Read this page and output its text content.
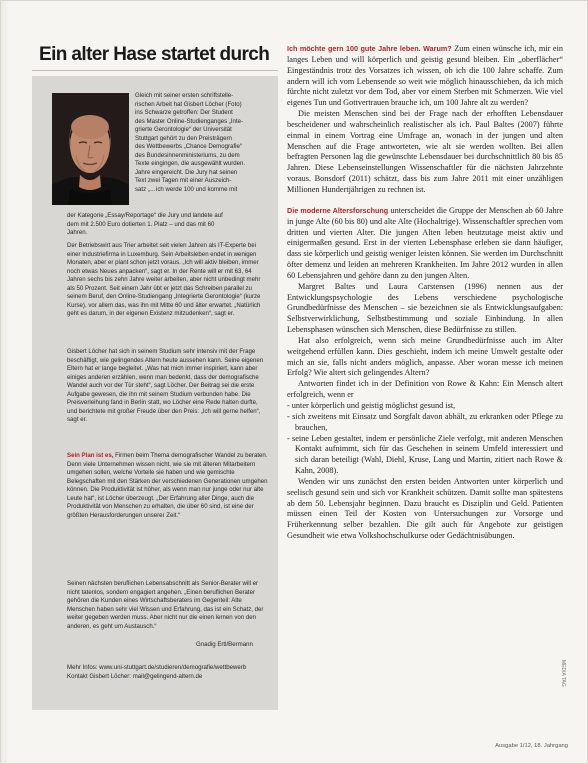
Ein alter Hase startet durch

Gleich mit seiner ersten schriftstelle-

rischen Arbeit hat Gisbert Löcher (Foto)

ins Schwarze getroffen: Der Student

des Master Online-Studienganges „Inte-

grierte Gerontologie“ der Universität

Stuttgart gehört zu den Preisträgern

des Wettbewerbs „Chance Demografie“

des Bundesinnenministeriums, zu dem

Texte eingingen, die ausgewählt wurden.

Jahre eingereicht. Die Jury hat seinen

Text zwei Tagen mit einer Auszeich-

satz „…ich werde 100 und komme mit

der Kategorie „Essay/Reportage“ die Jury und landete auf

dem mit 2.500 Euro dotierten 1. Platz – und das mit 60

Jahren.

Der Betriebswirt aus Trier arbeitet seit vielen Jahren als IT-Experte bei einer Industriefirma in Luxemburg. Sein Arbeitsleben endet in wenigen Monaten, aber er plant schon jetzt voraus. „Ich will aktiv bleiben, immer noch etwas Neues anpacken“, sagt er. In der Rente will er mit 63, 64 Jahren sechs bis zehn Jahre weiter arbeiten, aber nicht unbedingt mehr als 50 Prozent. Seit einem Jahr übt er jetzt das Schreiben parallel zu seinem Beruf, den Online-Studiengang „Integrierte Gerontologie“ (kurze Kurse), vor allem das, was ihn mit Mitte 60 und älter erwartet. „Natürlich geht es darum, in der eigenen Existenz mitzudenken“, sagt er.

Gisbert Löcher hat sich in seinem Studium sehr intensiv mit der Frage beschäftigt, wie gelingendes Altern heute aussehen kann. Seine eigenen Eltern hat er lange begleitet. „Was hat mich immer inspiriert, kann aber einiges anderen erzählen, wenn man bedenkt, dass der demografische Wandel auch vor der Tür steht“, sagt Löcher. Der Beitrag sei die erste Aufgabe gewesen, die ihn mit seinem Studium verbunden habe. Die Preisverleihung fand in Berlin statt, wo Löcher eine Rede halten durfte, und berichtete mit großer Freude über den Preis: „Ich will gerne helfen“, sagt er.

Sein Plan ist es, Firmen beim Thema demografischer Wandel zu beraten. Denn viele Unternehmen wissen nicht, wie sie mit älteren Mitarbeitern umgehen sollen, welche Vorteile sie haben und wie gemischte Belegschaften mit den Stärken der verschiedenen Generationen umgehen können. Die Produktivität ist höher, als wenn man nur junge oder nur alte Leute hat“, ist Löcher überzeugt. „Der Erfahrung aller Dinge, auch die Produktivität von Menschen zu erhalten, die über 60 sind, ist eine der größten Herausforderungen unserer Zeit.“

Seinen nächsten beruflichen Lebensabschnitt als Senior-Berater will er nicht tatenlos, sondern engagiert angehen. „Einen beruflichen Berater gehören die Kunden eines Wirtschaftsberaters im Gegenteil: Alte Menschen haben sehr viel Wissen und Erfahrung, das ist ein Schatz, der weiter gegeben werden muss. Aber nicht nur die einen lernen von den anderen, es geht um Austausch.“

Gnadig Ertl/Bermann

Mehr Infos: www.uni-stuttgart.de/studieren/demografie/wettbewerb
Kontakt Gisbert Löcher: mail@gelingend-altern.de

Ich möchte gern 100 gute Jahre leben. Warum? Zum einen wünsche ich, mir ein langes Leben und will körperlich und geistig gesund bleiben. Ein „oberflächer“ Eingeständnis trotz des Vorsatzes ich wissen, ob ich die 100 Jahre schaffe. Zum andern will ich vom Lebensende so weit wie möglich hinausschieben, da ich mich fürchte nicht zuletzt vor dem Tod, aber vor einem Sterben mit Schmerzen. Wie viel eigenes Tun und Gottvertrauen brauche ich, um 100 Jahre alt zu werden?

Die meisten Menschen sind bei der Frage nach der erhofften Lebensdauer bescheidener und wahrscheinlich realistischer als ich. Paul Baltes (2007) führte einmal in einem Vortrag eine Umfrage an, wonach in der jungen und alten Menschen auf die Frage antworteten, wie alt sie werden wollten. Bei allen befragten Personen lag die gewünschte Lebensdauer bei durchschnittlich 80 bis 85 Jahren. Diese Lebenseinstellungen Wissenschaftler für die nächsten Jahrzehnte voraus. Bonsdorf (2011) schätzt, dass bis zum Jahre 2011 mit einer unzähligen Millionen Hundertjährigen zu rechnen ist.

Die moderne Altersforschung unterscheidet die Gruppe der Menschen ab 60 Jahre in junge Alte (60 bis 80) und alte Alte (Hochaltrige). Wissenschaftler sprechen vom dritten und vierten Alter. Die jungen Alten leben heutzutage meist aktiv und einigermaßen gesund. Erst in der vierten Lebensphase erleben sie dann häufiger, dass sie körperlich und geistig weniger leisten können. Sie werden im Durchschnitt öfter demenz und leiden an mehreren Krankheiten. Im Jahre 2012 wurden in allen 60 Lebensjahren und gehöre dann zu den jungen Alten.

Margret Baltes und Laura Carstensen (1996) nennen aus der Entwicklungspsychologie des Lebens verschiedene psychologische Grundbedürfnisse des Menschen – sie bezeichnen sie als Entwicklungsaufgaben: Selbstverwirklichung, Selbstbestimmung und soziale Einbindung. In allen Lebensphasen wünschen sich Menschen, diese Bedürfnisse zu stillen.

Hat also erfolgreich, wenn sich meine Grundbedürfnisse auch im Alter weitgehend erfüllen kann. Dies geschieht, indem ich meine Umwelt gestalte oder mich an sie, falls nicht anders möglich, anpasse. Aber woran messe ich meinen Erfolg? Wie altert sich gelingendes Altern?

Antworten findet ich in der Definition von Rowe & Kahn: Ein Mensch altert erfolgreich, wenn er

- unter körperlich und geistig möglichst gesund ist,

- sich zweitens mit Einsatz und Sorgfalt davon abhält, zu erkranken oder Pflege zu brauchen,

- seine Leben gestaltet, indem er persönliche Ziele verfolgt, mit anderen Menschen Kontakt aufnimmt, sich für das Geschehen in seinem Umfeld interessiert und sich daran beteiligt (Wahl, Diehl, Kruse, Lang und Martin, zitiert nach Rowe & Kahn, 2008).

Wenden wir uns zunächst den ersten beiden Antworten unter körperlich und seelisch gesund sein und sich vor Krankheit schützen. Damit sollte man spätestens ab dem 50. Lebensjahr beginnen. Dazu braucht es Disziplin und Geld. Patienten müssen einen Teil der Kosten von Untersuchungen zur Vorsorge und Früherkennung selber bezahlen. Die gilt auch für Angebote zur geistigen Gesundheit wie etwa Volkshochschulkurse oder Gedächtnisübungen.

MEDIA TAG
Ausgabe 1/12, 18. Jahrgang
